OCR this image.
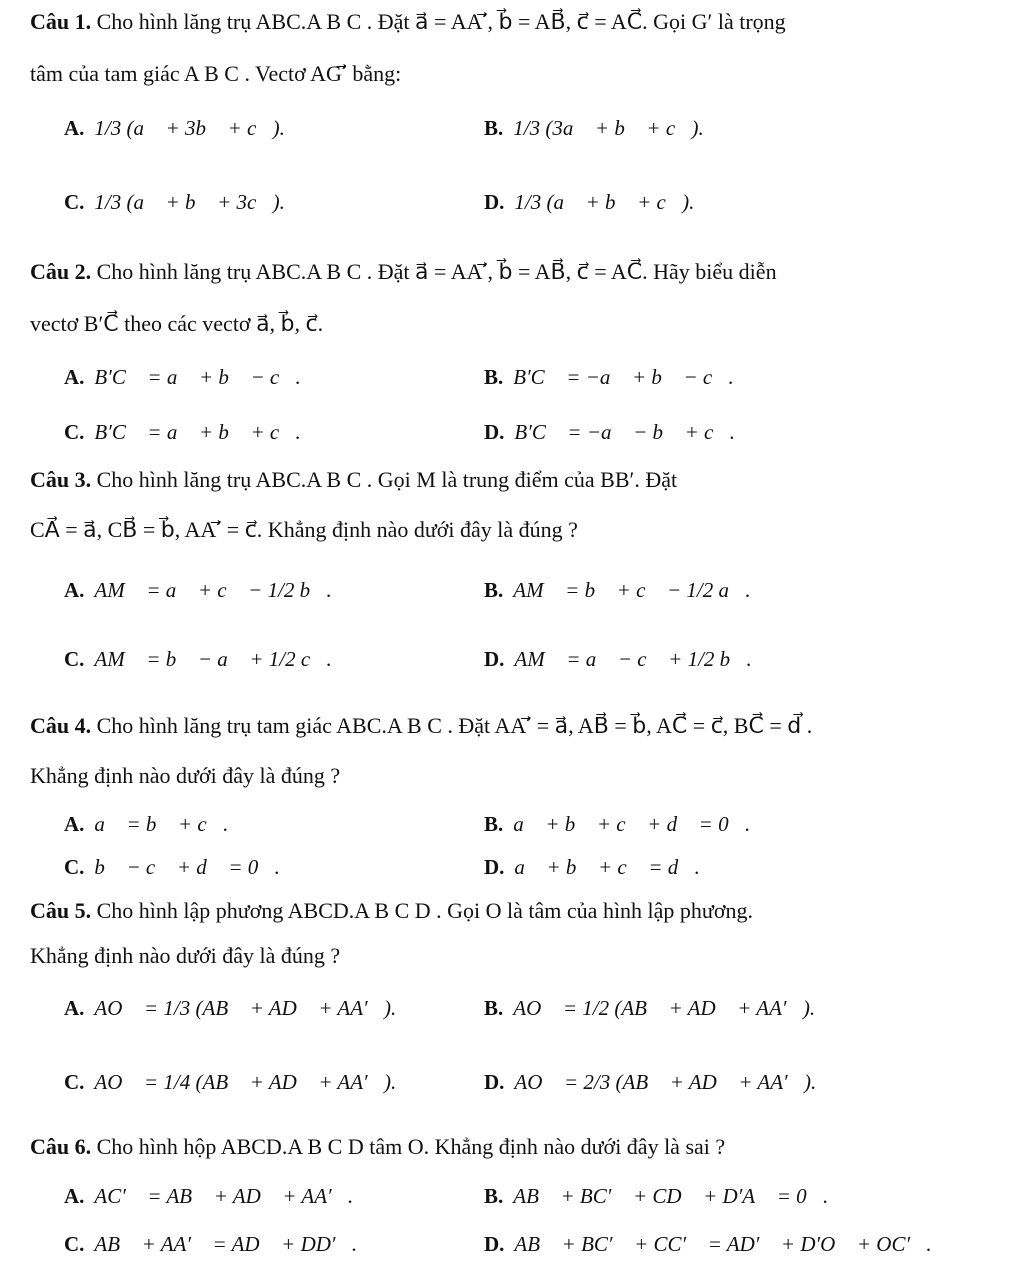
Câu 1. Cho hình lăng trụ ABC.A B C . Đặt a⃗ = AA′⃗, b⃗ = AB⃗, c⃗ = AC⃗. Gọi G′ là trọng
tâm của tam giác A B C . Vectơ AG′⃗ bằng:
A. 1/3 (a⃗ + 3b⃗ + c⃗).	B. 1/3 (3a⃗ + b⃗ + c⃗).
C. 1/3 (a⃗ + b⃗ + 3c⃗).	D. 1/3 (a⃗ + b⃗ + c⃗).
Câu 2. Cho hình lăng trụ ABC.A B C . Đặt a⃗ = AA′⃗, b⃗ = AB⃗, c⃗ = AC⃗. Hãy biểu diễn
vectơ B′C⃗ theo các vectơ a⃗, b⃗, c⃗.
A. B′C⃗ = a⃗ + b⃗ − c⃗.	B. B′C⃗ = −a⃗ + b⃗ − c⃗.
C. B′C⃗ = a⃗ + b⃗ + c⃗.	D. B′C⃗ = −a⃗ − b⃗ + c⃗.
Câu 3. Cho hình lăng trụ ABC.A B C . Gọi M là trung điểm của BB′. Đặt
CA⃗ = a⃗, CB⃗ = b⃗, AA′⃗ = c⃗. Khẳng định nào dưới đây là đúng ?
A. AM⃗ = a⃗ + c⃗ − 1/2 b⃗.	B. AM⃗ = b⃗ + c⃗ − 1/2 a⃗.
C. AM⃗ = b⃗ − a⃗ + 1/2 c⃗.	D. AM⃗ = a⃗ − c⃗ + 1/2 b⃗.
Câu 4. Cho hình lăng trụ tam giác ABC.A B C . Đặt AA′⃗ = a⃗, AB⃗ = b⃗, AC⃗ = c⃗, BC⃗ = d⃗ .
Khẳng định nào dưới đây là đúng ?
A. a⃗ = b⃗ + c⃗.	B. a⃗ + b⃗ + c⃗ + d⃗ = 0⃗.
C. b⃗ − c⃗ + d⃗ = 0⃗.	D. a⃗ + b⃗ + c⃗ = d⃗.
Câu 5. Cho hình lập phương ABCD.A B C D . Gọi O là tâm của hình lập phương.
Khẳng định nào dưới đây là đúng ?
A. AO⃗ = 1/3 (AB⃗ + AD⃗ + AA′⃗).	B. AO⃗ = 1/2 (AB⃗ + AD⃗ + AA′⃗).
C. AO⃗ = 1/4 (AB⃗ + AD⃗ + AA′⃗).	D. AO⃗ = 2/3 (AB⃗ + AD⃗ + AA′⃗).
Câu 6. Cho hình hộp ABCD.A B C D tâm O. Khẳng định nào dưới đây là sai ?
A. AC′⃗ = AB⃗ + AD⃗ + AA′⃗.	B. AB⃗ + BC′⃗ + CD⃗ + D′A⃗ = 0⃗.
C. AB⃗ + AA′⃗ = AD⃗ + DD′⃗.	D. AB⃗ + BC′⃗ + CC′⃗ = AD′⃗ + D′O⃗ + OC′⃗.
